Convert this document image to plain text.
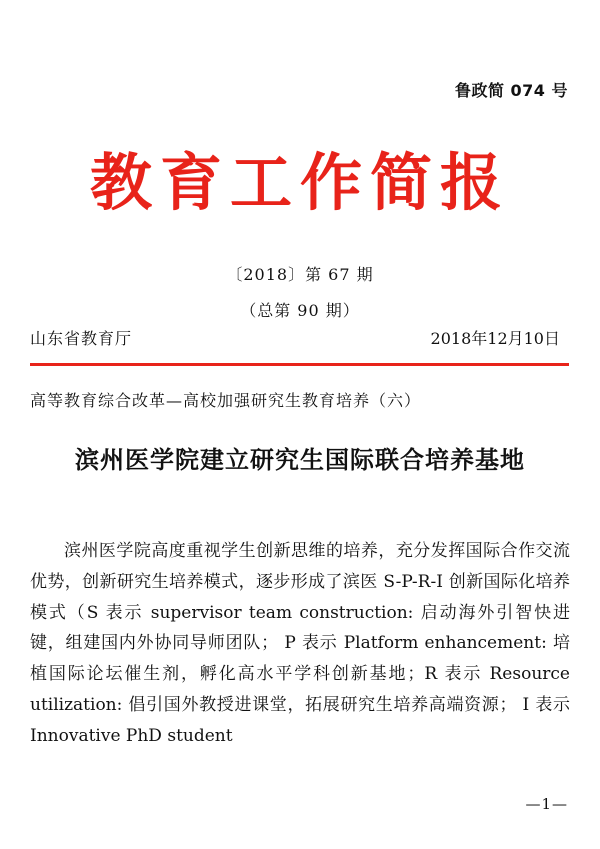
鲁政简 074 号
教育工作简报
〔2018〕第 67 期
（总第 90 期）
山东省教育厅	2018年12月10日
高等教育综合改革—高校加强研究生教育培养（六）
滨州医学院建立研究生国际联合培养基地

滨州医学院高度重视学生创新思维的培养，充分发挥国际合作交流优势，创新研究生培养模式，逐步形成了滨医 S-P-R-I 创新国际化培养模式（S 表示 supervisor team construction: 启动海外引智快进键，组建国内外协同导师团队； P 表示 Platform enhancement: 培植国际论坛催生剂，孵化高水平学科创新基地；R 表示 Resource utilization: 倡引国外教授进课堂，拓展研究生培养高端资源； I 表示 Innovative PhD student

—1—
